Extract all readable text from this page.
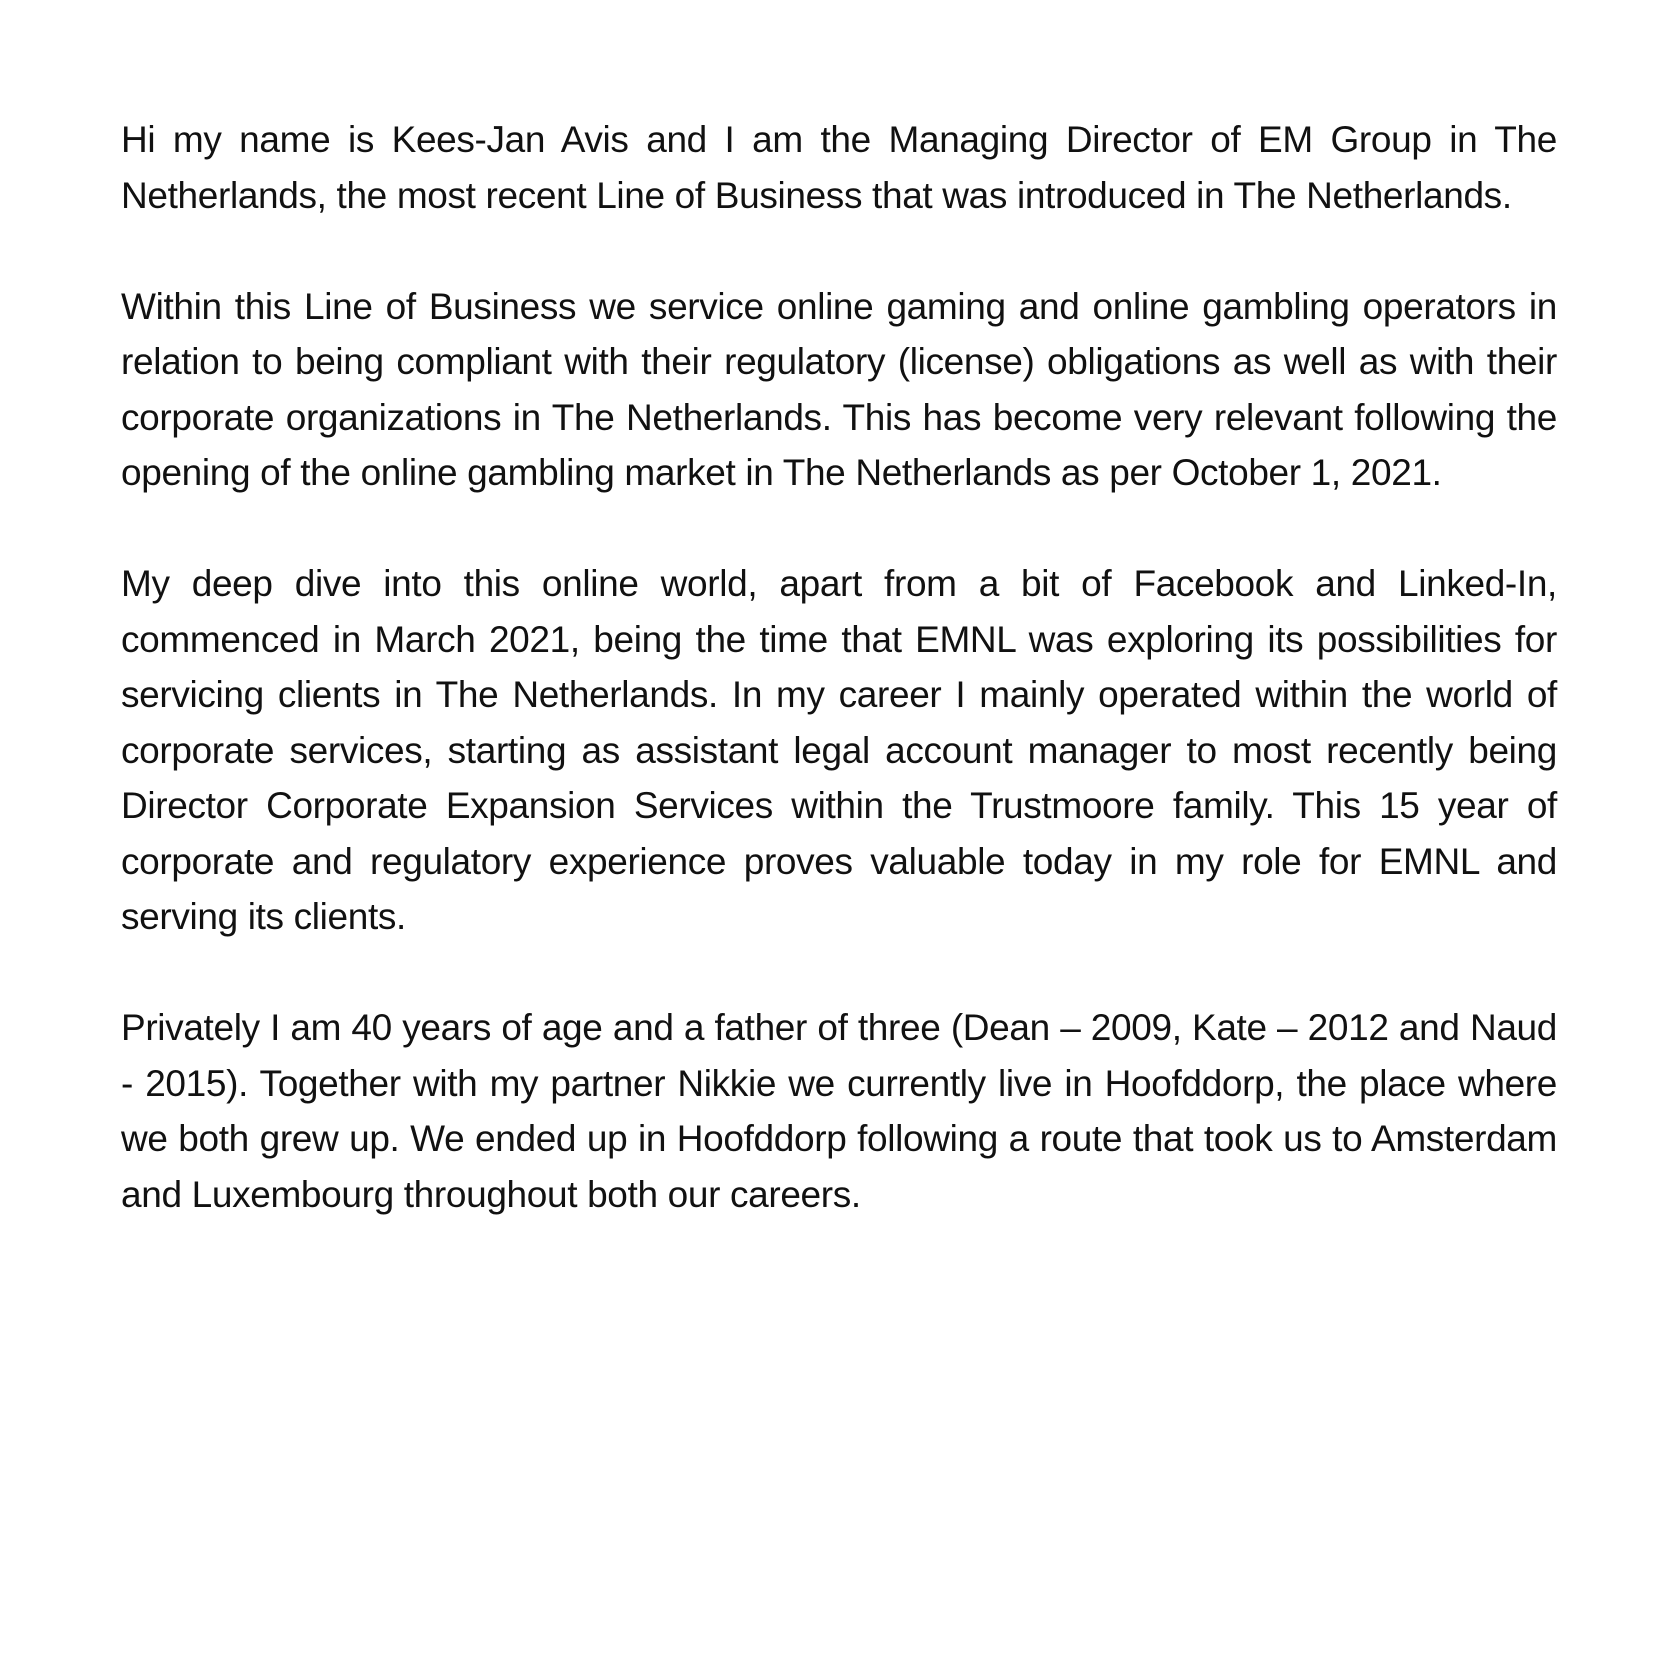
Hi my name is Kees-Jan Avis and I am the Managing Director of EM Group in The Netherlands, the most recent Line of Business that was introduced in The Netherlands.

Within this Line of Business we service online gaming and online gambling operators in relation to being compliant with their regulatory (license) obligations as well as with their corporate organizations in The Netherlands. This has become very relevant following the opening of the online gambling market in The Netherlands as per October 1, 2021.

My deep dive into this online world, apart from a bit of Facebook and Linked-In, commenced in March 2021, being the time that EMNL was exploring its possibilities for servicing clients in The Netherlands. In my career I mainly operated within the world of corporate services, starting as assistant legal account manager to most recently being Director Corporate Expansion Services within the Trustmoore family. This 15 year of corporate and regulatory experience proves valuable today in my role for EMNL and serving its clients.

Privately I am 40 years of age and a father of three (Dean – 2009, Kate – 2012 and Naud - 2015). Together with my partner Nikkie we currently live in Hoofddorp, the place where we both grew up. We ended up in Hoofddorp following a route that took us to Amsterdam and Luxembourg throughout both our careers.
